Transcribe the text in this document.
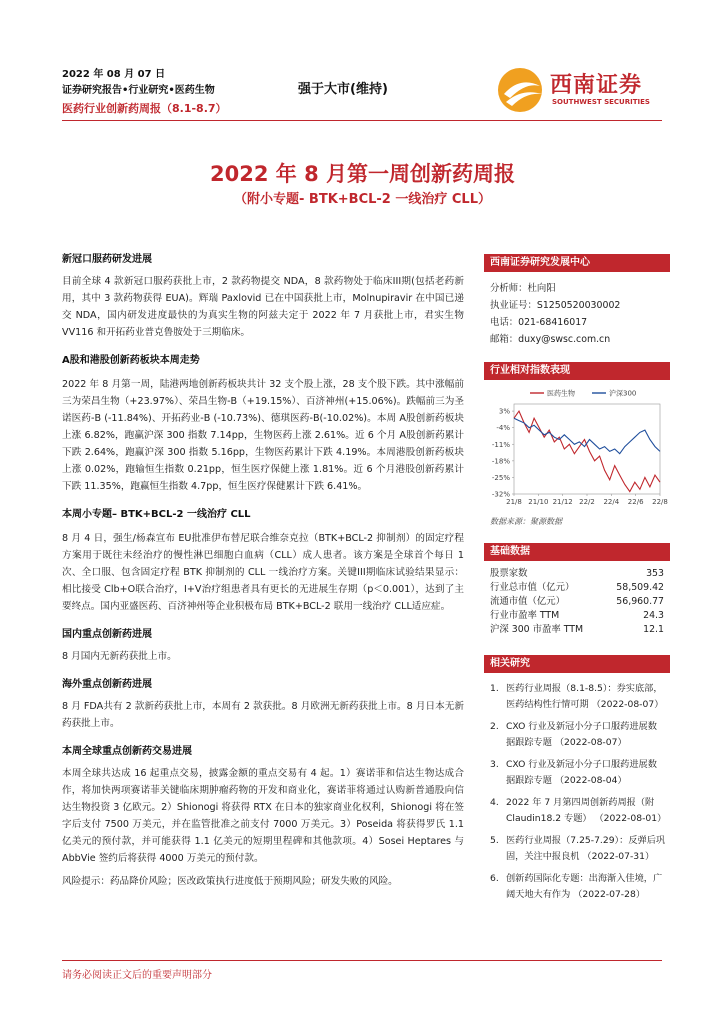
2022 年 08 月 07 日
证券研究报告•行业研究•医药生物
医药行业创新药周报（8.1-8.7）
强于大市(维持)	西南证券
SOUTHWEST SECURITIES
2022 年 8 月第一周创新药周报
（附小专题- BTK+BCL-2 一线治疗 CLL）
新冠口服药研发进展
目前全球 4 款新冠口服药获批上市，2 款药物提交 NDA，8 款药物处于临床III期(包括老药新用，其中 3 款药物获得 EUA)。辉瑞 Paxlovid 已在中国获批上市，Molnupiravir 在中国已递交 NDA，国内研发进度最快的为真实生物的阿兹夫定于 2022 年 7 月获批上市，君实生物 VV116 和开拓药业普克鲁胺处于三期临床。
A股和港股创新药板块本周走势
2022 年 8 月第一周，陆港两地创新药板块共计 32 支个股上涨，28 支个股下跌。其中涨幅前三为荣昌生物（+23.97%）、荣昌生物-B（+19.15%）、百济神州(+15.06%)。跌幅前三为圣诺医药-B (-11.84%)、开拓药业-B (-10.73%)、德琪医药-B(-10.02%)。本周 A股创新药板块上涨 6.82%，跑赢沪深 300 指数 7.14pp，生物医药上涨 2.61%。近 6 个月 A股创新药累计下跌 2.64%，跑赢沪深 300 指数 5.16pp，生物医药累计下跌 4.19%。本周港股创新药板块上涨 0.02%，跑输恒生指数 0.21pp，恒生医疗保健上涨 1.81%。近 6 个月港股创新药累计下跌 11.35%，跑赢恒生指数 4.7pp，恒生医疗保健累计下跌 6.41%。
本周小专题– BTK+BCL-2 一线治疗 CLL
8 月 4 日，强生/杨森宣布 EU批准伊布替尼联合维奈克拉（BTK+BCL-2 抑制剂）的固定疗程方案用于既往未经治疗的慢性淋巴细胞白血病（CLL）成人患者。该方案是全球首个每日 1 次、全口服、包含固定疗程 BTK 抑制剂的 CLL 一线治疗方案。关键III期临床试验结果显示：相比接受 Clb+O联合治疗，I+V治疗组患者具有更长的无进展生存期（p＜0.001），达到了主要终点。国内亚盛医药、百济神州等企业积极布局 BTK+BCL-2 联用一线治疗 CLL适应症。
国内重点创新药进展
8 月国内无新药获批上市。
海外重点创新药进展
8 月 FDA共有 2 款新药获批上市，本周有 2 款获批。8 月欧洲无新药获批上市。8 月日本无新药获批上市。
本周全球重点创新药交易进展
本周全球共达成 16 起重点交易，披露金额的重点交易有 4 起。1）赛诺菲和信达生物达成合作，将加快两项赛诺菲关键临床期肿瘤药物的开发和商业化，赛诺菲将通过认购新普通股向信达生物投资 3 亿欧元。2）Shionogi 将获得 RTX 在日本的独家商业化权利，Shionogi 将在签字后支付 7500 万美元，并在监管批准之前支付 7000 万美元。3）Poseida 将获得罗氏 1.1 亿美元的预付款，并可能获得 1.1 亿美元的短期里程碑和其他款项。4）Sosei Heptares 与 AbbVie 签约后将获得 4000 万美元的预付款。
风险提示：药品降价风险；医改政策执行进度低于预期风险；研发失败的风险。
西南证券研究发展中心
分析师：杜向阳
执业证号：S1250520030002
电话：021-68416017
邮箱：duxy@swsc.com.cn
行业相对指数表现
3%
-4%
-11%
-18%
-25%
-32%
21/8 21/10 21/12 22/2 22/4 22/6 22/8
医药生物	沪深300
数据来源：聚源数据
基础数据
股票家数	353
行业总市值（亿元）	58,509.42
流通市值（亿元）	56,960.77
行业市盈率 TTM	24.3
沪深 300 市盈率 TTM	12.1
相关研究
1. 医药行业周报（8.1-8.5）：券实底部，医药结构性行情可期 （2022-08-07）
2. CXO 行业及新冠小分子口服药进展数据跟踪专题 （2022-08-07）
3. CXO 行业及新冠小分子口服药进展数据跟踪专题 （2022-08-04）
4. 2022 年 7 月第四周创新药周报（附 Claudin18.2 专题） （2022-08-01）
5. 医药行业周报（7.25-7.29）：反弹后巩固，关注中报良机 （2022-07-31）
6. 创新药国际化专题：出海渐入佳境，广阔天地大有作为 （2022-07-28）
请务必阅读正文后的重要声明部分
